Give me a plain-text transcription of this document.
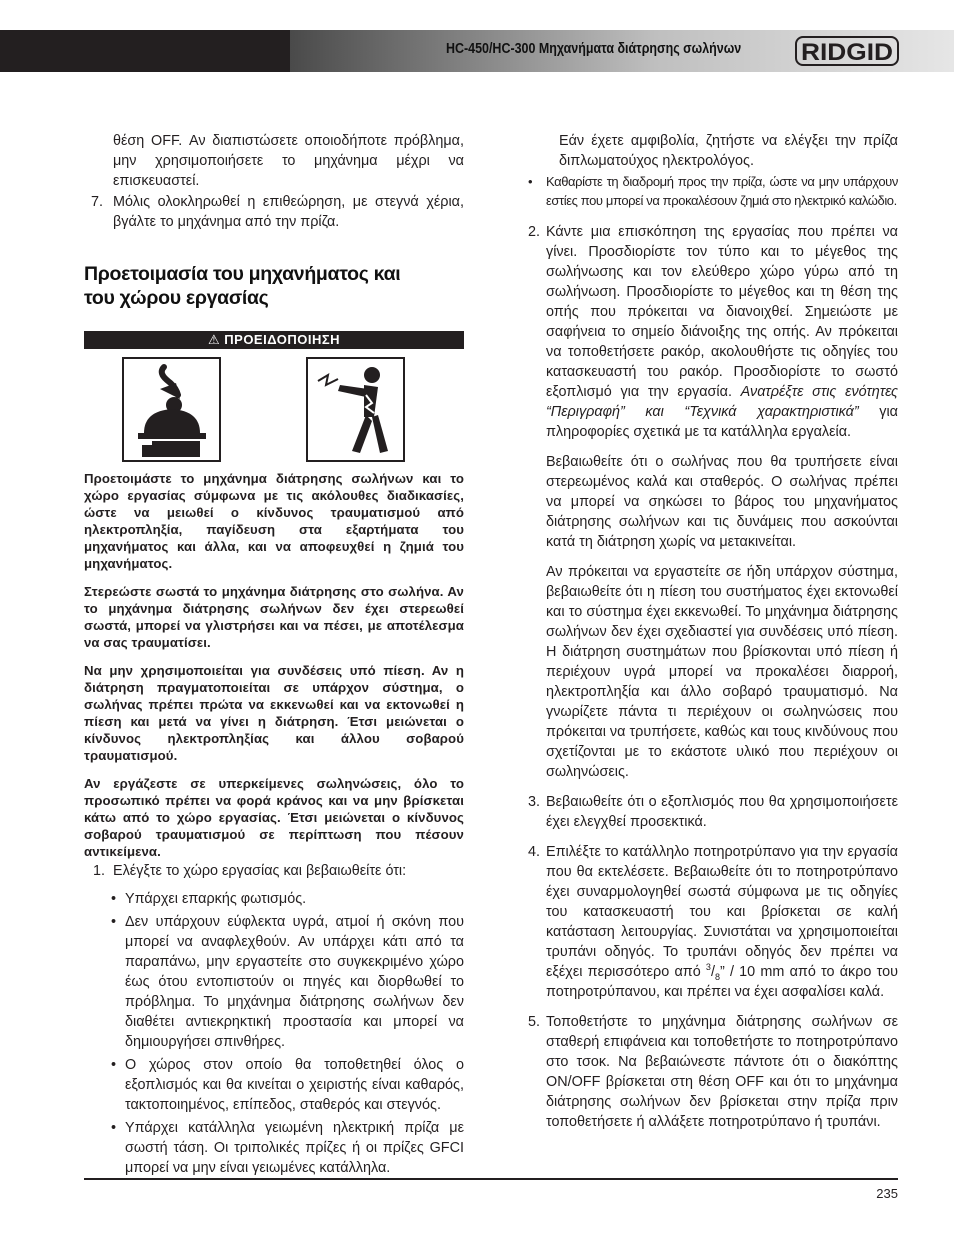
HC-450/HC-300 Μηχανήματα διάτρησης σωλήνων RIDGID

θέση OFF. Αν διαπιστώσετε οποιοδήποτε πρόβλημα, μην χρησιμοποιήσετε το μηχάνημα μέχρι να επισκευαστεί.

7. Μόλις ολοκληρωθεί η επιθεώρηση, με στεγνά χέρια, βγάλτε το μηχάνημα από την πρίζα.

Προετοιμασία του μηχανήματος και

του χώρου εργασίας

⚠ ΠΡΟΕΙΔΟΠΟΙΗΣΗ

Προετοιμάστε το μηχάνημα διάτρησης σωλήνων και το χώρο εργασίας σύμφωνα με τις ακόλουθες διαδικασίες, ώστε να μειωθεί ο κίνδυνος τραυματισμού από ηλεκτροπληξία, παγίδευση στα εξαρτήματα του μηχανήματος και άλλα, και να αποφευχθεί η ζημιά του μηχανήματος.

Στερεώστε σωστά το μηχάνημα διάτρησης στο σωλήνα. Αν το μηχάνημα διάτρησης σωλήνων δεν έχει στερεωθεί σωστά, μπορεί να γλιστρήσει και να πέσει, με αποτέλεσμα να σας τραυματίσει.

Να μην χρησιμοποιείται για συνδέσεις υπό πίεση. Αν η διάτρηση πραγματοποιείται σε υπάρχον σύστημα, ο σωλήνας πρέπει πρώτα να εκκενωθεί και να εκτονωθεί η πίεση και μετά να γίνει η διάτρηση. Έτσι μειώνεται ο κίνδυνος ηλεκτροπληξίας και άλλου σοβαρού τραυματισμού.

Αν εργάζεστε σε υπερκείμενες σωληνώσεις, όλο το προσωπικό πρέπει να φορά κράνος και να μην βρίσκεται κάτω από το χώρο εργασίας. Έτσι μειώνεται ο κίνδυνος σοβαρού τραυματισμού σε περίπτωση που πέσουν αντικείμενα.

1. Ελέγξτε το χώρο εργασίας και βεβαιωθείτε ότι:
• Υπάρχει επαρκής φωτισμός.
• Δεν υπάρχουν εύφλεκτα υγρά, ατμοί ή σκόνη που μπορεί να αναφλεχθούν. Αν υπάρχει κάτι από τα παραπάνω, μην εργαστείτε στο συγκεκριμένο χώρο έως ότου εντοπιστούν οι πηγές και διορθωθεί το πρόβλημα. Το μηχάνημα διάτρησης σωλήνων δεν διαθέτει αντιεκρηκτική προστασία και μπορεί να δημιουργήσει σπινθήρες.
• Ο χώρος στον οποίο θα τοποθετηθεί όλος ο εξοπλισμός και θα κινείται ο χειριστής είναι καθαρός, τακτοποιημένος, επίπεδος, σταθερός και στεγνός.
• Υπάρχει κατάλληλα γειωμένη ηλεκτρική πρίζα με σωστή τάση. Οι τριπολικές πρίζες ή οι πρίζες GFCI μπορεί να μην είναι γειωμένες κατάλληλα.

Εάν έχετε αμφιβολία, ζητήστε να ελέγξει την πρίζα διπλωματούχος ηλεκτρολόγος.

• Καθαρίστε τη διαδρομή προς την πρίζα, ώστε να μην υπάρχουν εστίες που μπορεί να προκαλέσουν ζημιά στο ηλεκτρικό καλώδιο.
2. Κάντε μια επισκόπηση της εργασίας που πρέπει να γίνει. Προσδιορίστε τον τύπο και το μέγεθος της σωλήνωσης και τον ελεύθερο χώρο γύρω από τη σωλήνωση. Προσδιορίστε το μέγεθος και τη θέση της οπής που πρόκειται να διανοιχθεί. Σημειώστε με σαφήνεια το σημείο διάνοιξης της οπής. Αν πρόκειται να τοποθετήσετε ρακόρ, ακολουθήστε τις οδηγίες του κατασκευαστή του ρακόρ. Προσδιορίστε το σωστό εξοπλισμό για την εργασία. Ανατρέξτε στις ενότητες “Περιγραφή” και “Τεχνικά χαρακτηριστικά” για πληροφορίες σχετικά με τα κατάλληλα εργαλεία.

Βεβαιωθείτε ότι ο σωλήνας που θα τρυπήσετε είναι στερεωμένος καλά και σταθερός. Ο σωλήνας πρέπει να μπορεί να σηκώσει το βάρος του μηχανήματος διάτρησης σωλήνων και τις δυνάμεις που ασκούνται κατά τη διάτρηση χωρίς να μετακινείται.

Αν πρόκειται να εργαστείτε σε ήδη υπάρχον σύστημα, βεβαιωθείτε ότι η πίεση του συστήματος έχει εκτονωθεί και το σύστημα έχει εκκενωθεί. Το μηχάνημα διάτρησης σωλήνων δεν έχει σχεδιαστεί για συνδέσεις υπό πίεση. Η διάτρηση συστημάτων που βρίσκονται υπό πίεση ή περιέχουν υγρά μπορεί να προκαλέσει διαρροή, ηλεκτροπληξία και άλλο σοβαρό τραυματισμό. Να γνωρίζετε πάντα τι περιέχουν οι σωληνώσεις που πρόκειται να τρυπήσετε, καθώς και τους κινδύνους που σχετίζονται με το εκάστοτε υλικό που περιέχουν οι σωληνώσεις.

3. Βεβαιωθείτε ότι ο εξοπλισμός που θα χρησιμοποιήσετε έχει ελεγχθεί προσεκτικά.
4. Επιλέξτε το κατάλληλο ποτηροτρύπανο για την εργασία που θα εκτελέσετε. Βεβαιωθείτε ότι το ποτηροτρύπανο έχει συναρμολογηθεί σωστά σύμφωνα με τις οδηγίες του κατασκευαστή του και βρίσκεται σε καλή κατάσταση λειτουργίας. Συνιστάται να χρησιμοποιείται τρυπάνι οδηγός. Το τρυπάνι οδηγός δεν πρέπει να εξέχει περισσότερο από $^3/_8$” / 10 mm από το άκρο του ποτηροτρύπανου, και πρέπει να έχει ασφαλίσει καλά.
5. Τοποθετήστε το μηχάνημα διάτρησης σωλήνων σε σταθερή επιφάνεια και τοποθετήστε το ποτηροτρύπανο στο τσοκ. Να βεβαιώνεστε πάντοτε ότι ο διακόπτης ON/OFF βρίσκεται στη θέση OFF και ότι το μηχάνημα διάτρησης σωλήνων δεν βρίσκεται στην πρίζα πριν τοποθετήσετε ή αλλάξετε ποτηροτρύπανο ή τρυπάνι.
235
